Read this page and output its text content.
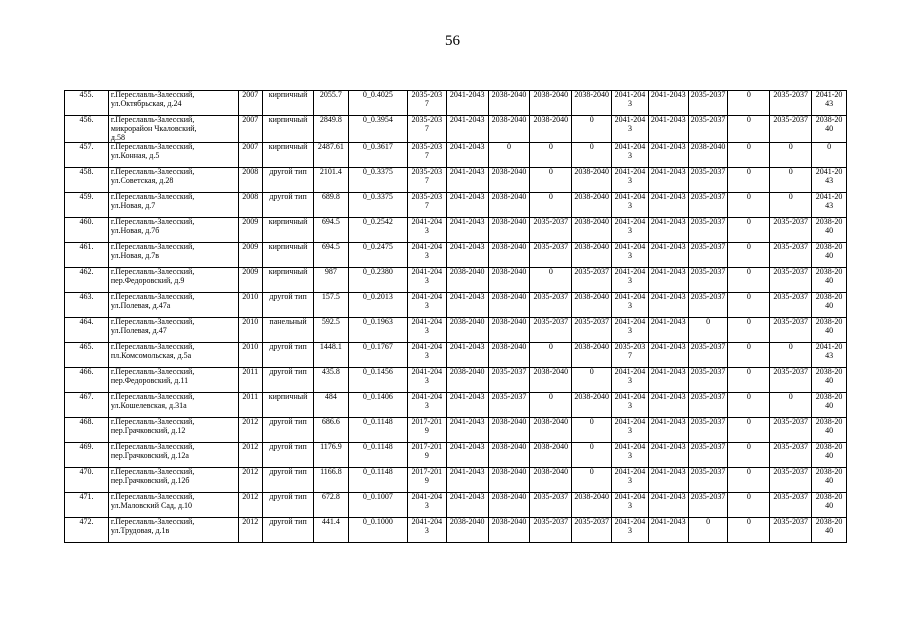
56
455.	г.Переславль-Залесский,
ул.Октябрьская, д.24	2007	кирпичный	2055.7	0_0.4025	2035-2037	2041-2043	2038-2040	2038-2040	2038-2040	2041-2043	2041-2043	2035-2037	0	2035-2037	2041-2043
456.	г.Переславль-Залесский,
микрорайон Чкаловский,
д.58	2007	кирпичный	2849.8	0_0.3954	2035-2037	2041-2043	2038-2040	2038-2040	0	2041-2043	2041-2043	2035-2037	0	2035-2037	2038-2040
457.	г.Переславль-Залесский,
ул.Конная, д.5	2007	кирпичный	2487.61	0_0.3617	2035-2037	2041-2043	0	0	0	2041-2043	2041-2043	2038-2040	0	0	0
458.	г.Переславль-Залесский,
ул.Советская, д.28	2008	другой тип	2101.4	0_0.3375	2035-2037	2041-2043	2038-2040	0	2038-2040	2041-2043	2041-2043	2035-2037	0	0	2041-2043
459.	г.Переславль-Залесский,
ул.Новая, д.7	2008	другой тип	689.8	0_0.3375	2035-2037	2041-2043	2038-2040	0	2038-2040	2041-2043	2041-2043	2035-2037	0	0	2041-2043
460.	г.Переславль-Залесский,
ул.Новая, д.7б	2009	кирпичный	694.5	0_0.2542	2041-2043	2041-2043	2038-2040	2035-2037	2038-2040	2041-2043	2041-2043	2035-2037	0	2035-2037	2038-2040
461.	г.Переславль-Залесский,
ул.Новая, д.7в	2009	кирпичный	694.5	0_0.2475	2041-2043	2041-2043	2038-2040	2035-2037	2038-2040	2041-2043	2041-2043	2035-2037	0	2035-2037	2038-2040
462.	г.Переславль-Залесский,
пер.Федоровский, д.9	2009	кирпичный	987	0_0.2380	2041-2043	2038-2040	2038-2040	0	2035-2037	2041-2043	2041-2043	2035-2037	0	2035-2037	2038-2040
463.	г.Переславль-Залесский,
ул.Полевая, д.47а	2010	другой тип	157.5	0_0.2013	2041-2043	2041-2043	2038-2040	2035-2037	2038-2040	2041-2043	2041-2043	2035-2037	0	2035-2037	2038-2040
464.	г.Переславль-Залесский,
ул.Полевая, д.47	2010	панельный	592.5	0_0.1963	2041-2043	2038-2040	2038-2040	2035-2037	2035-2037	2041-2043	2041-2043	0	0	2035-2037	2038-2040
465.	г.Переславль-Залесский,
пл.Комсомольская, д.5а	2010	другой тип	1448.1	0_0.1767	2041-2043	2041-2043	2038-2040	0	2038-2040	2035-2037	2041-2043	2035-2037	0	0	2041-2043
466.	г.Переславль-Залесский,
пер.Федоровский, д.11	2011	другой тип	435.8	0_0.1456	2041-2043	2038-2040	2035-2037	2038-2040	0	2041-2043	2041-2043	2035-2037	0	2035-2037	2038-2040
467.	г.Переславль-Залесский,
ул.Кошелевская, д.31а	2011	кирпичный	484	0_0.1406	2041-2043	2041-2043	2035-2037	0	2038-2040	2041-2043	2041-2043	2035-2037	0	0	2038-2040
468.	г.Переславль-Залесский,
пер.Грачковский, д.12	2012	другой тип	686.6	0_0.1148	2017-2019	2041-2043	2038-2040	2038-2040	0	2041-2043	2041-2043	2035-2037	0	2035-2037	2038-2040
469.	г.Переславль-Залесский,
пер.Грачковский, д.12а	2012	другой тип	1176.9	0_0.1148	2017-2019	2041-2043	2038-2040	2038-2040	0	2041-2043	2041-2043	2035-2037	0	2035-2037	2038-2040
470.	г.Переславль-Залесский,
пер.Грачковский, д.12б	2012	другой тип	1166.8	0_0.1148	2017-2019	2041-2043	2038-2040	2038-2040	0	2041-2043	2041-2043	2035-2037	0	2035-2037	2038-2040
471.	г.Переславль-Залесский,
ул.Маловский Сад, д.10	2012	другой тип	672.8	0_0.1007	2041-2043	2041-2043	2038-2040	2035-2037	2038-2040	2041-2043	2041-2043	2035-2037	0	2035-2037	2038-2040
472.	г.Переславль-Залесский,
ул.Трудовая, д.1в	2012	другой тип	441.4	0_0.1000	2041-2043	2038-2040	2038-2040	2035-2037	2035-2037	2041-2043	2041-2043	0	0	2035-2037	2038-2040
